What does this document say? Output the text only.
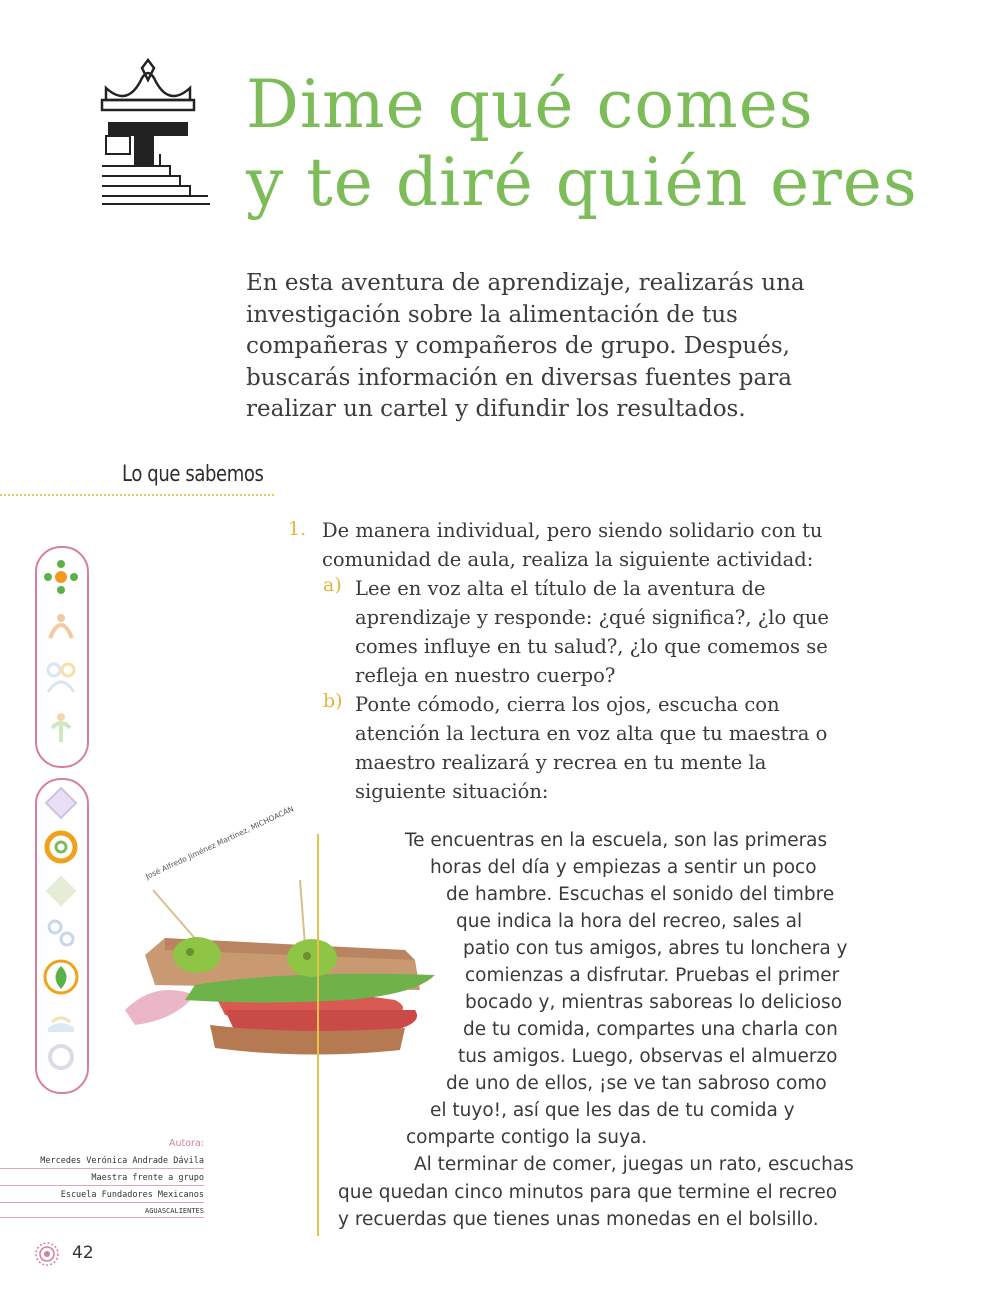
Dime qué comes
y te diré quién eres
En esta aventura de aprendizaje, realizarás una investigación sobre la alimentación de tus compañeras y compañeros de grupo. Después, buscarás información en diversas fuentes para realizar un cartel y difundir los resultados.
Lo que sabemos
1. De manera individual, pero siendo solidario con tu comunidad de aula, realiza la siguiente actividad:
a) Lee en voz alta el título de la aventura de aprendizaje y responde: ¿qué significa?, ¿lo que comes influye en tu salud?, ¿lo que comemos se refleja en nuestro cuerpo?
b) Ponte cómodo, cierra los ojos, escucha con atención la lectura en voz alta que tu maestra o maestro realizará y recrea en tu mente la siguiente situación:
José Alfredo Jiménez Martínez, MICHOACÁN	Te encuentras en la escuela, son las primeras
horas del día y empiezas a sentir un poco
de hambre. Escuchas el sonido del timbre
que indica la hora del recreo, sales al
patio con tus amigos, abres tu lonchera y
comienzas a disfrutar. Pruebas el primer
bocado y, mientras saboreas lo delicioso
de tu comida, compartes una charla con
tus amigos. Luego, observas el almuerzo
de uno de ellos, ¡se ve tan sabroso como
el tuyo!, así que les das de tu comida y
comparte contigo la suya.
Al terminar de comer, juegas un rato, escuchas
que quedan cinco minutos para que termine el recreo
y recuerdas que tienes unas monedas en el bolsillo.
Autora:
Mercedes Verónica Andrade Dávila
Maestra frente a grupo
Escuela Fundadores Mexicanos
AGUASCALIENTES
42
